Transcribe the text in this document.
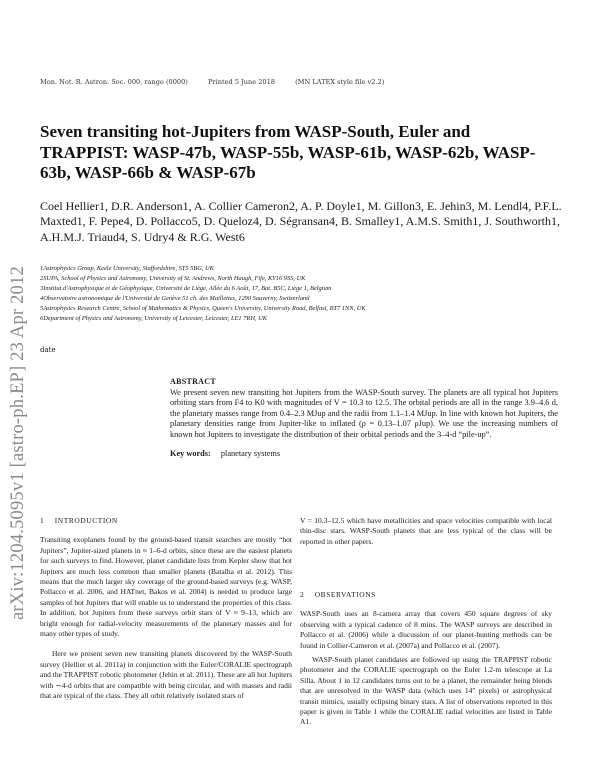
arXiv:1204.5095v1 [astro-ph.EP] 23 Apr 2012
Mon. Not. R. Astron. Soc. 000, range (0000)	Printed 5 June 2018	(MN LATEX style file v2.2)
Seven transiting hot-Jupiters from WASP-South, Euler and TRAPPIST: WASP-47b, WASP-55b, WASP-61b, WASP-62b, WASP-63b, WASP-66b & WASP-67b

Coel Hellier1, D.R. Anderson1, A. Collier Cameron2, A. P. Doyle1, M. Gillon3, E. Jehin3, M. Lendl4, P.F.L. Maxted1, F. Pepe4, D. Pollacco5, D. Queloz4, D. Ségransan4, B. Smalley1, A.M.S. Smith1, J. Southworth1, A.H.M.J. Triaud4, S. Udry4 & R.G. West6

1Astrophysics Group, Keele University, Staffordshire, ST5 5BG, UK
2SUPA, School of Physics and Astronomy, University of St. Andrews, North Haugh, Fife, KY16 9SS, UK
3Institut d'Astrophysique et de Géophysique, Université de Liège, Allée du 6 Août, 17, Bat. B5C, Liège 1, Belgium
4Observatoire astronomique de l'Université de Genève 51 ch. des Maillettes, 1290 Sauverny, Switzerland
5Astrophysics Research Centre, School of Mathematics & Physics, Queen's University, University Road, Belfast, BT7 1NN, UK
6Department of Physics and Astronomy, University of Leicester, Leicester, LE1 7RH, UK
date
ABSTRACT

We present seven new transiting hot Jupiters from the WASP-South survey. The planets are all typical hot Jupiters orbiting stars from F4 to K0 with magnitudes of V = 10.3 to 12.5. The orbital periods are all in the range 3.9–4.6 d, the planetary masses range from 0.4–2.3 MJup and the radii from 1.1–1.4 MJup. In line with known hot Jupiters, the planetary densities range from Jupiter-like to inflated (ρ = 0.13–1.07 ρJup). We use the increasing numbers of known hot Jupiters to investigate the distribution of their orbital periods and the 3–4-d “pile-up”.

Key words: planetary systems
1 INTRODUCTION

Transiting exoplanets found by the ground-based transit searches are mostly “hot Jupiters”, Jupiter-sized planets in ≈ 1–6-d orbits, since these are the easiest planets for such surveys to find. However, planet candidate lists from Kepler show that hot Jupiters are much less common than smaller planets (Batalha et al. 2012). This means that the much larger sky coverage of the ground-based surveys (e.g. WASP, Pollacco et al. 2006, and HATnet, Bakos et al. 2004) is needed to produce large samples of hot Jupiters that will enable us to understand the properties of this class. In addition, hot Jupiters from these surveys orbit stars of V ≈ 9–13, which are bright enough for radial-velocity measurements of the planetary masses and for many other types of study.

Here we present seven new transiting planets discovered by the WASP-South survey (Hellier et al. 2011a) in conjunction with the Euler/CORALIE spectrograph and the TRAPPIST robotic photometer (Jehin et al. 2011). These are all hot Jupiters with ∼4-d orbits that are compatible with being circular, and with masses and radii that are typical of the class. They all orbit relatively isolated stars of

V = 10.3–12.5 which have metallicities and space velocities compatible with local thin-disc stars. WASP-South planets that are less typical of the class will be reported in other papers.

2 OBSERVATIONS

WASP-South uses an 8-camera array that covers 450 square degrees of sky observing with a typical cadence of 8 mins. The WASP surveys are described in Pollacco et al. (2006) while a discussion of our planet-hunting methods can be found in Collier-Cameron et al. (2007a) and Pollacco et al. (2007).

WASP-South planet candidates are followed up using the TRAPPIST robotic photometer and the CORALIE spectrograph on the Euler 1.2-m telescope at La Silla. About 1 in 12 candidates turns out to be a planet, the remainder being blends that are unresolved in the WASP data (which uses 14″ pixels) or astrophysical transit mimics, usually eclipsing binary stars. A list of observations reported in this paper is given in Table 1 while the CORALIE radial velocities are listed in Table A1.
